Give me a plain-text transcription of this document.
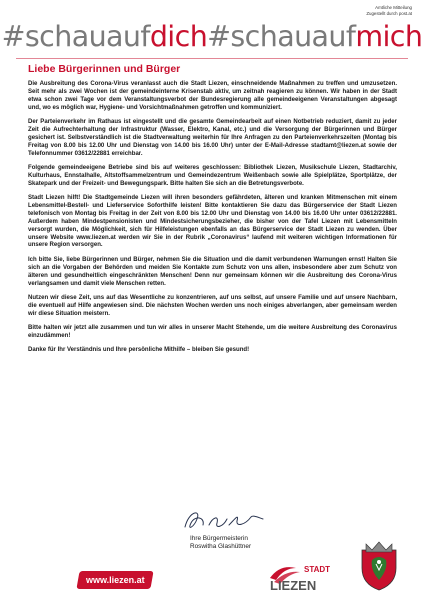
Amtliche Mitteilung
Zugestellt durch post.at
#schauaufdich#schauaufmich
Liebe Bürgerinnen und Bürger

Die Ausbreitung des Corona-Virus veranlasst auch die Stadt Liezen, einschneidende Maßnahmen zu treffen und umzusetzen. Seit mehr als zwei Wochen ist der gemeindeinterne Krisenstab aktiv, um zeitnah reagieren zu können. Wir haben in der Stadt etwa schon zwei Tage vor dem Veranstaltungsverbot der Bundesregierung alle gemeindeeigenen Veranstaltungen abgesagt und, wo es möglich war, Hygiene- und Vorsichtmaßnahmen getroffen und kommuniziert.

Der Parteienverkehr im Rathaus ist eingestellt und die gesamte Gemeindearbeit auf einen Notbetrieb reduziert, damit zu jeder Zeit die Aufrechterhaltung der Infrastruktur (Wasser, Elektro, Kanal, etc.) und die Versorgung der Bürgerinnen und Bürger gesichert ist. Selbstverständlich ist die Stadtverwaltung weiterhin für Ihre Anfragen zu den Parteienverkehrszeiten (Montag bis Freitag von 8.00 bis 12.00 Uhr und Dienstag von 14.00 bis 16.00 Uhr) unter der E-Mail-Adresse stadtamt@liezen.at sowie der Telefonnummer 03612/22881 erreichbar.

Folgende gemeindeeigene Betriebe sind bis auf weiteres geschlossen: Bibliothek Liezen, Musikschule Liezen, Stadtarchiv, Kulturhaus, Ennstalhalle, Altstoffsammelzentrum und Gemeindezentrum Weißenbach sowie alle Spielplätze, Sportplätze, der Skatepark und der Freizeit- und Bewegungspark. Bitte halten Sie sich an die Betretungsverbote.

Stadt Liezen hilft! Die Stadtgemeinde Liezen will ihren besonders gefährdeten, älteren und kranken Mitmenschen mit einem Lebensmittel-Bestell- und Lieferservice Soforthilfe leisten! Bitte kontaktieren Sie dazu das Bürgerservice der Stadt Liezen telefonisch von Montag bis Freitag in der Zeit von 8.00 bis 12.00 Uhr und Dienstag von 14.00 bis 16.00 Uhr unter 03612/22881. Außerdem haben Mindestpensionisten und Mindestsicherungsbezieher, die bisher von der Tafel Liezen mit Lebensmitteln versorgt wurden, die Möglichkeit, sich für Hilfeleistungen ebenfalls an das Bürgerservice der Stadt Liezen zu wenden. Über unsere Website www.liezen.at werden wir Sie in der Rubrik „Coronavirus“ laufend mit weiteren wichtigen Informationen für unsere Region versorgen.

Ich bitte Sie, liebe Bürgerinnen und Bürger, nehmen Sie die Situation und die damit verbundenen Warnungen ernst! Halten Sie sich an die Vorgaben der Behörden und meiden Sie Kontakte zum Schutz von uns allen, insbesondere aber zum Schutz von älteren und gesundheitlich eingeschränkten Menschen! Denn nur gemeinsam können wir die Ausbreitung des Corona-Virus verlangsamen und damit viele Menschen retten.

Nutzen wir diese Zeit, uns auf das Wesentliche zu konzentrieren, auf uns selbst, auf unsere Familie und auf unsere Nachbarn, die eventuell auf Hilfe angewiesen sind. Die nächsten Wochen werden uns noch einiges abverlangen, aber gemeinsam werden wir diese Situation meistern.

Bitte halten wir jetzt alle zusammen und tun wir alles in unserer Macht Stehende, um die weitere Ausbreitung des Coronavirus einzudämmen!

Danke für Ihr Verständnis und Ihre persönliche Mithilfe – bleiben Sie gesund!

Ihre Bürgermeisterin
Roswitha Glashüttner
www.liezen.at
STADT
LIEZEN
